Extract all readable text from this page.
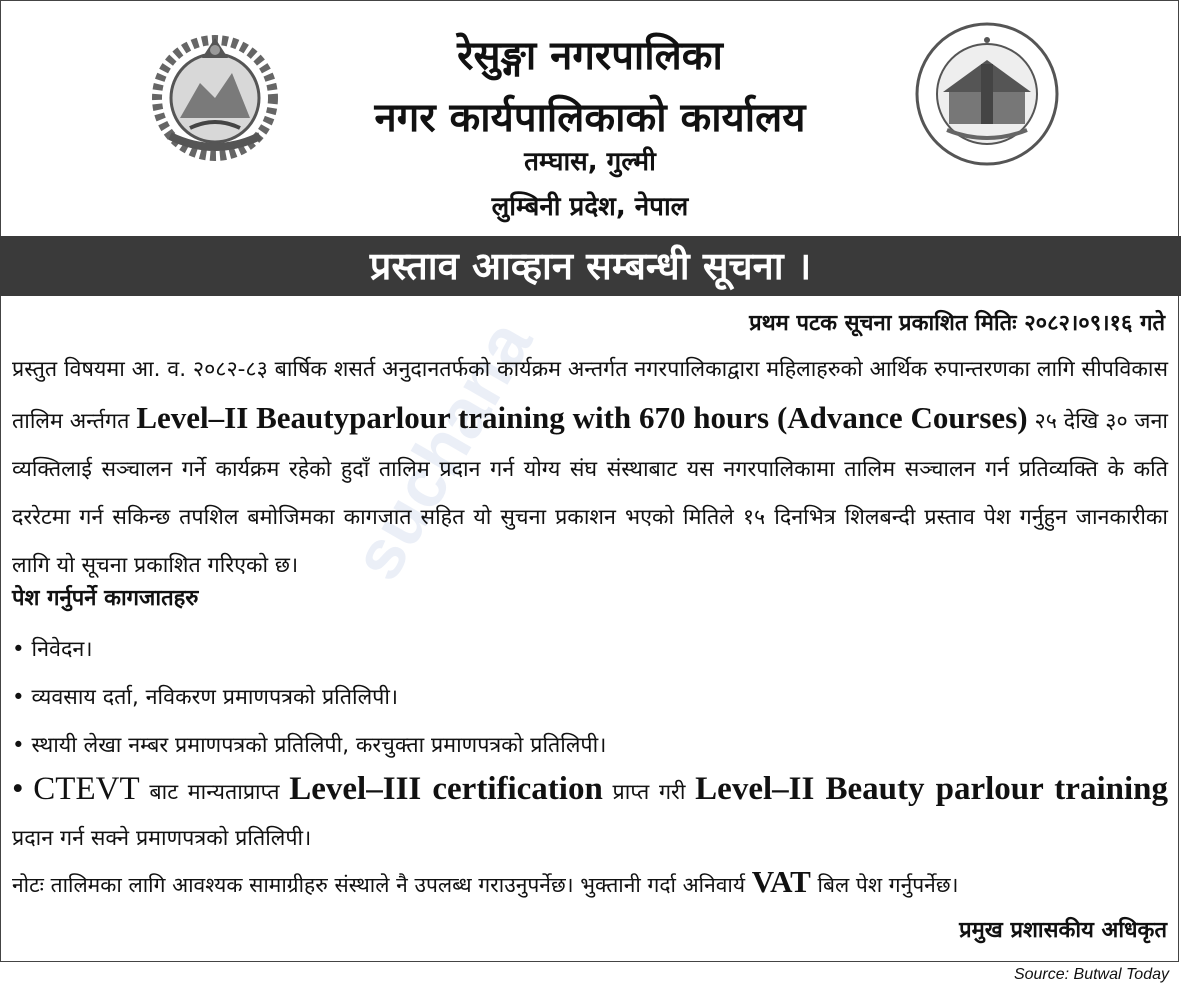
रेसुङ्गा नगरपालिका
नगर कार्यपालिकाको कार्यालय
तम्घास, गुल्मी
लुम्बिनी प्रदेश, नेपाल
प्रस्ताव आव्हान सम्बन्धी सूचना ।
suchana	प्रथम पटक सूचना प्रकाशित मितिः २०८२।०९।१६ गते
प्रस्तुत विषयमा आ. व. २०८२-८३ बार्षिक शसर्त अनुदानतर्फको कार्यक्रम अन्तर्गत नगरपालिकाद्वारा महिलाहरुको आर्थिक रुपान्तरणका लागि सीपविकास तालिम अर्न्तगत Level–II Beautyparlour training with 670 hours (Advance Courses) २५ देखि ३० जना व्यक्तिलाई सञ्चालन गर्ने कार्यक्रम रहेको हुदाँ तालिम प्रदान गर्न योग्य संघ संस्थाबाट यस नगरपालिकामा तालिम सञ्चालन गर्न प्रतिव्यक्ति के कति दररेटमा गर्न सकिन्छ तपशिल बमोजिमका कागजात सहित यो सुचना प्रकाशन भएको मितिले १५ दिनभित्र शिलबन्दी प्रस्ताव पेश गर्नुहुन जानकारीका लागि यो सूचना प्रकाशित गरिएको छ।
पेश गर्नुपर्ने कागजातहरु
• निवेदन।
• व्यवसाय दर्ता, नविकरण प्रमाणपत्रको प्रतिलिपी।
• स्थायी लेखा नम्बर प्रमाणपत्रको प्रतिलिपी, करचुक्ता प्रमाणपत्रको प्रतिलिपी।
• CTEVT बाट मान्यताप्राप्त Level–III certification प्राप्त गरी Level–II Beauty parlour training प्रदान गर्न सक्ने प्रमाणपत्रको प्रतिलिपी।
नोटः तालिमका लागि आवश्यक सामाग्रीहरु संस्थाले नै उपलब्ध गराउनुपर्नेछ। भुक्तानी गर्दा अनिवार्य VAT बिल पेश गर्नुपर्नेछ।
प्रमुख प्रशासकीय अधिकृत
Source: Butwal Today
